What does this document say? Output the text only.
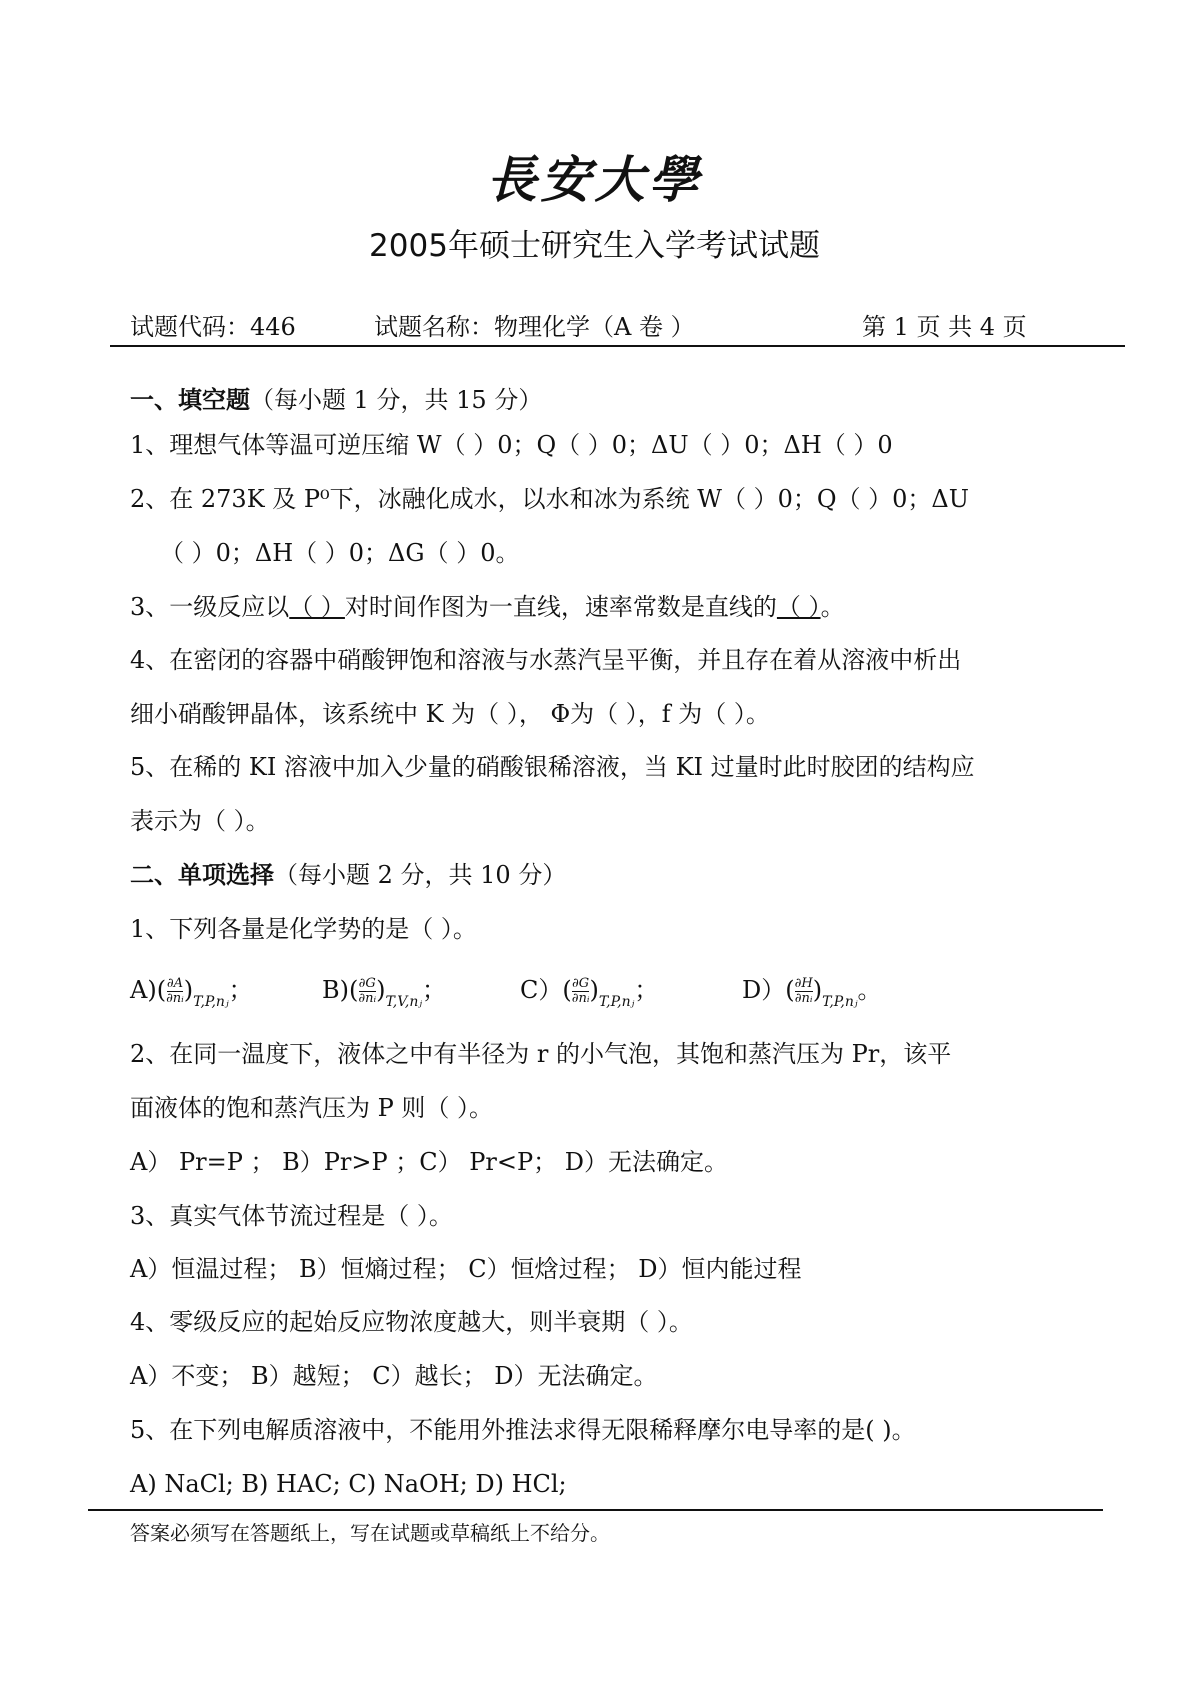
長安大學
2005年硕士研究生入学考试试题
试题代码：446	试题名称：物理化学（A 卷 ）	第 1 页 共 4 页
一、填空题（每小题 1 分，共 15 分）
1、理想气体等温可逆压缩 W（ ）0；Q（ ）0；ΔU（ ）0；ΔH（ ）0
2、在 273K 及 P⁰下，冰融化成水，以水和冰为系统 W（ ）0；Q（ ）0；ΔU
（ ）0；ΔH（ ）0；ΔG（ ）0。
3、一级反应以（ ）对时间作图为一直线，速率常数是直线的（ ）。
4、在密闭的容器中硝酸钾饱和溶液与水蒸汽呈平衡，并且存在着从溶液中析出
细小硝酸钾晶体，该系统中 K 为（ ）， Φ为（ ），f 为（ ）。
5、在稀的 KI 溶液中加入少量的硝酸银稀溶液，当 KI 过量时此时胶团的结构应
表示为（ ）。
二、单项选择（每小题 2 分，共 10 分）
1、下列各量是化学势的是（ ）。
$A)( \frac{\partial A}{\text{∂nᵢ}} )_{T,P,nⱼ}$；	$B)( \frac{\partial G}{\text{∂nᵢ}} )_{T,V,nⱼ}$；	$C)( \frac{\partial G}{\text{∂nᵢ}} )_{T,P,nⱼ}$；	$D)( \frac{\partial H}{\text{∂nᵢ}} )_{T,P,nⱼ}$。
2、在同一温度下，液体之中有半径为 r 的小气泡，其饱和蒸汽压为 Pr，该平
面液体的饱和蒸汽压为 P 则（ ）。
A） Pr=P ； B）Pr>P ；C） Pr<P； D）无法确定。
3、真实气体节流过程是（ ）。
A）恒温过程； B）恒熵过程； C）恒焓过程； D）恒内能过程
4、零级反应的起始反应物浓度越大，则半衰期（ ）。
A）不变； B）越短； C）越长； D）无法确定。
5、在下列电解质溶液中，不能用外推法求得无限稀释摩尔电导率的是( )。
A) NaCl; B) HAC; C) NaOH; D) HCl;
答案必须写在答题纸上，写在试题或草稿纸上不给分。
